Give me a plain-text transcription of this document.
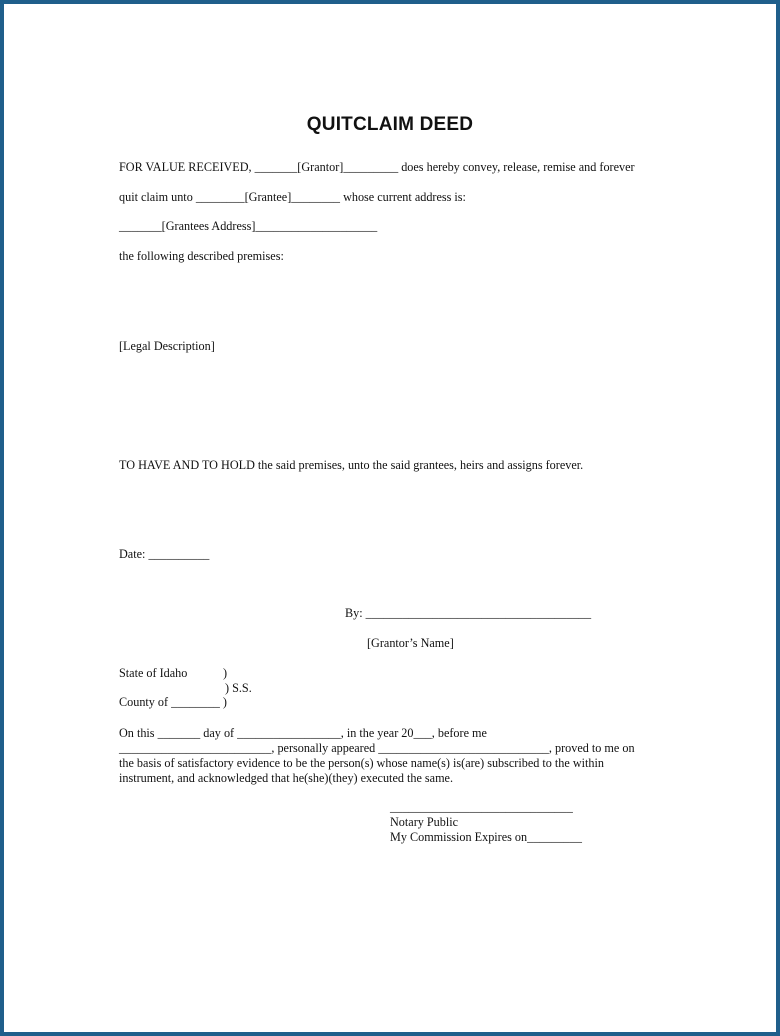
QUITCLAIM DEED

FOR VALUE RECEIVED, _______[Grantor]_________ does hereby convey, release, remise and forever

quit claim unto ________[Grantee]________ whose current address is:

_______[Grantees Address]____________________

the following described premises:

[Legal Description]

TO HAVE AND TO HOLD the said premises, unto the said grantees, heirs and assigns forever.

Date: __________

By: _____________________________________

[Grantor’s Name]

State of Idaho	)

) S.S.

County of ________ )

On this _______ day of _________________, in the year 20___, before me

_________________________, personally appeared ____________________________, proved to me on

the basis of satisfactory evidence to be the person(s) whose name(s) is(are) subscribed to the within

instrument, and acknowledged that he(she)(they) executed the same.

______________________________

Notary Public

My Commission Expires on_________
